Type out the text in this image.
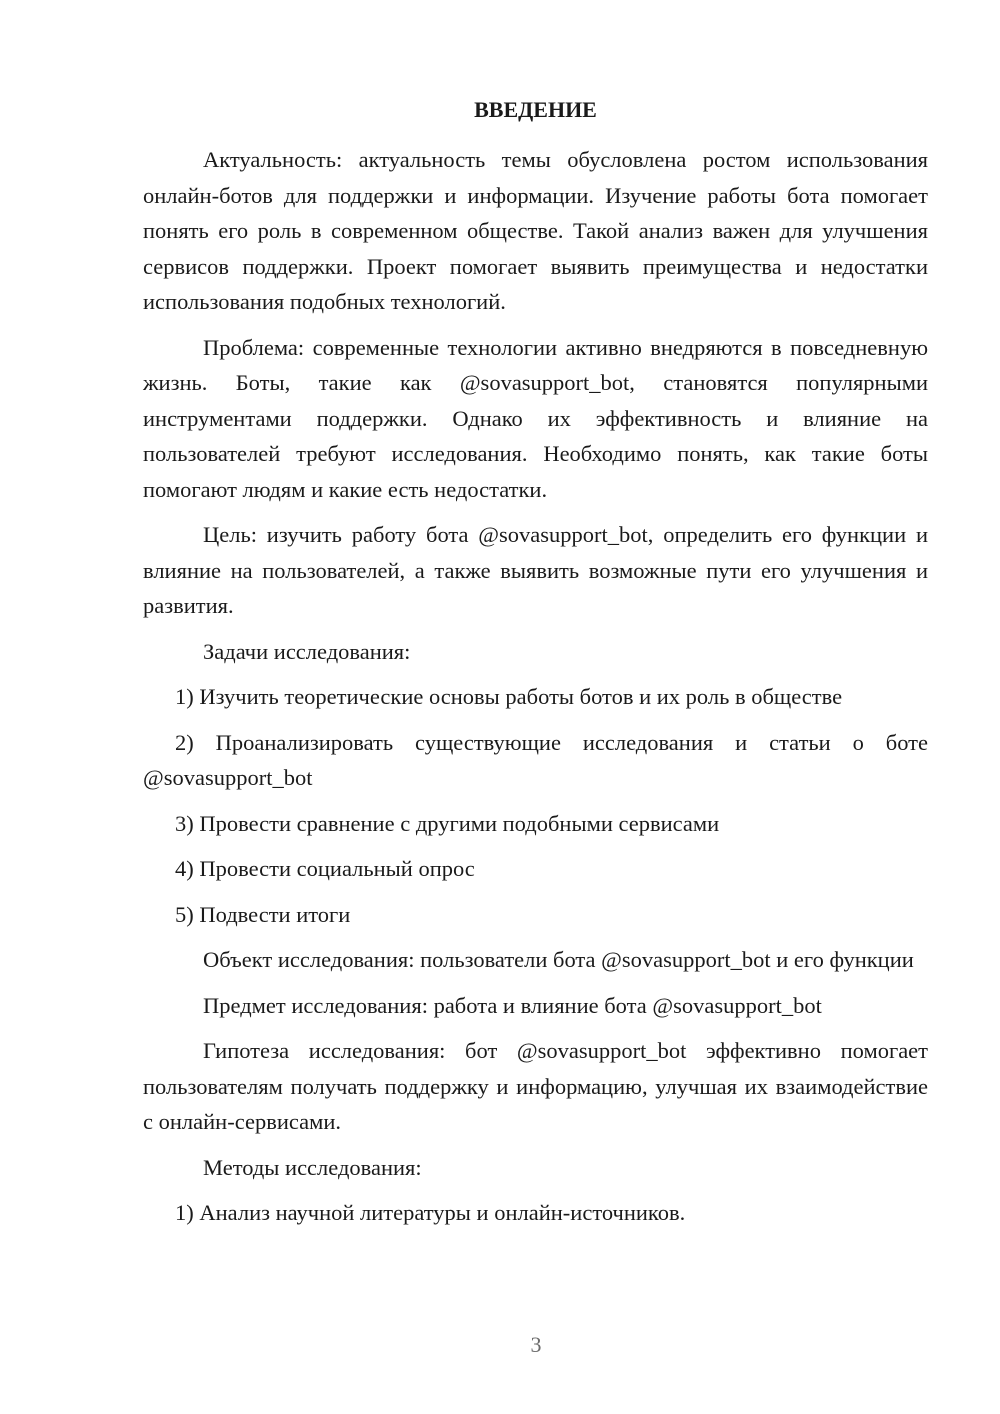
ВВЕДЕНИЕ

Актуальность: актуальность темы обусловлена ростом использования онлайн-ботов для поддержки и информации. Изучение работы бота помогает понять его роль в современном обществе. Такой анализ важен для улучшения сервисов поддержки. Проект помогает выявить преимущества и недостатки использования подобных технологий.

Проблема: современные технологии активно внедряются в повседневную жизнь. Боты, такие как @sovasupport_bot, становятся популярными инструментами поддержки. Однако их эффективность и влияние на пользователей требуют исследования. Необходимо понять, как такие боты помогают людям и какие есть недостатки.

Цель: изучить работу бота @sovasupport_bot, определить его функции и влияние на пользователей, а также выявить возможные пути его улучшения и развития.

Задачи исследования:

1) Изучить теоретические основы работы ботов и их роль в обществе

2) Проанализировать существующие исследования и статьи о боте @sovasupport_bot

3) Провести сравнение с другими подобными сервисами

4) Провести социальный опрос

5) Подвести итоги

Объект исследования: пользователи бота @sovasupport_bot и его функции

Предмет исследования: работа и влияние бота @sovasupport_bot

Гипотеза исследования: бот @sovasupport_bot эффективно помогает пользователям получать поддержку и информацию, улучшая их взаимодействие с онлайн-сервисами.

Методы исследования:

1) Анализ научной литературы и онлайн-источников.

3
